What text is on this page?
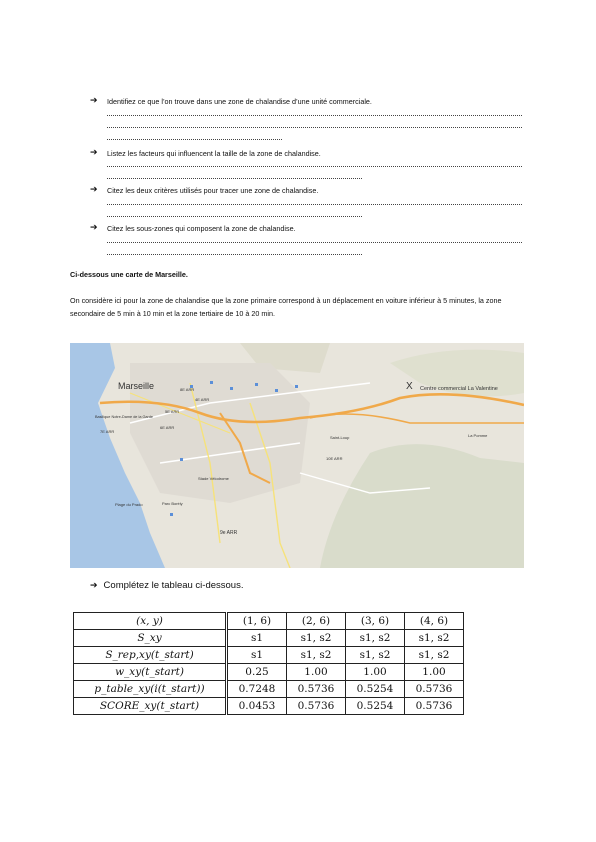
➔ Identifiez ce que l’on trouve dans une zone de chalandise d’une unité commerciale.
➔ Listez les facteurs qui influencent la taille de la zone de chalandise.
➔ Citez les deux critères utilisés pour tracer une zone de chalandise.
➔ Citez les sous-zones qui composent la zone de chalandise.
Ci-dessous une carte de Marseille.
On considère ici pour la zone de chalandise que la zone primaire correspond à un déplacement en voiture inférieur à 5 minutes, la zone secondaire de 5 min à 10 min et la zone tertiaire de 10 à 20 min.
Marseille	X Centre commercial La Valentine
Basilique Notre-Dame de la Garde
8E ARR
4E ARR
5E ARR
6E ARR
7E ARR
10E ARR
Stade Vélodrome
Parc Borély
Plage du Prado
9e ARR
La Pomme
Saint-Loup
➔ Complétez le tableau ci-dessous.
(x, y)	(1, 6)	(2, 6)	(3, 6)	(4, 6)
S_xy	s1	s1, s2	s1, s2	s1, s2
S_rep,xy(t_start)	s1	s1, s2	s1, s2	s1, s2
w_xy(t_start)	0.25	1.00	1.00	1.00
p_table_xy(i(t_start))	0.7248	0.5736	0.5254	0.5736
SCORE_xy(t_start)	0.0453	0.5736	0.5254	0.5736
